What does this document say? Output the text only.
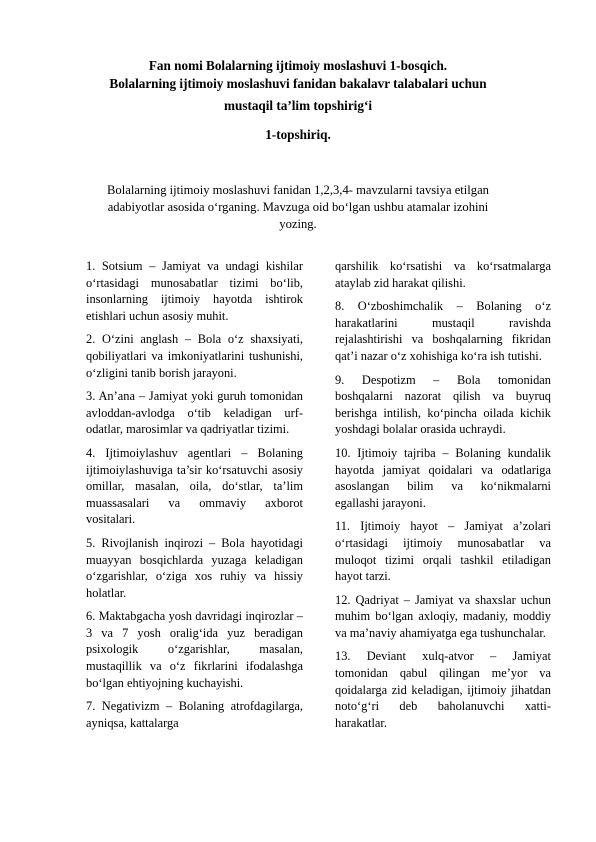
Fan nomi Bolalarning ijtimoiy moslashuvi 1-bosqich.
Bolalarning ijtimoiy moslashuvi fanidan bakalavr talabalari uchun
mustaqil ta’lim topshirig‘i
1-topshiriq.
Bolalarning ijtimoiy moslashuvi fanidan 1,2,3,4- mavzularni tavsiya etilgan adabiyotlar asosida o‘rganing. Mavzuga oid bo‘lgan ushbu atamalar izohini yozing.

1. Sotsium – Jamiyat va undagi kishilar o‘rtasidagi munosabatlar tizimi bo‘lib, insonlarning ijtimoiy hayotda ishtirok etishlari uchun asosiy muhit.

2. O‘zini anglash – Bola o‘z shaxsiyati, qobiliyatlari va imkoniyatlarini tushunishi, o‘zligini tanib borish jarayoni.

3. An’ana – Jamiyat yoki guruh tomonidan avloddan-avlodga o‘tib keladigan urf-odatlar, marosimlar va qadriyatlar tizimi.

4. Ijtimoiylashuv agentlari – Bolaning ijtimoiylashuviga ta’sir ko‘rsatuvchi asosiy omillar, masalan, oila, do‘stlar, ta’lim muassasalari va ommaviy axborot vositalari.

5. Rivojlanish inqirozi – Bola hayotidagi muayyan bosqichlarda yuzaga keladigan o‘zgarishlar, o‘ziga xos ruhiy va hissiy holatlar.

6. Maktabgacha yosh davridagi inqirozlar – 3 va 7 yosh oralig‘ida yuz beradigan psixologik o‘zgarishlar, masalan, mustaqillik va o‘z fikrlarini ifodalashga bo‘lgan ehtiyojning kuchayishi.

7. Negativizm – Bolaning atrofdagilarga, ayniqsa, kattalarga

qarshilik ko‘rsatishi va ko‘rsatmalarga ataylab zid harakat qilishi.

8. O‘zboshimchalik – Bolaning o‘z harakatlarini mustaqil ravishda rejalashtirishi va boshqalarning fikridan qat’i nazar o‘z xohishiga ko‘ra ish tutishi.

9. Despotizm – Bola tomonidan boshqalarni nazorat qilish va buyruq berishga intilish, ko‘pincha oilada kichik yoshdagi bolalar orasida uchraydi.

10. Ijtimoiy tajriba – Bolaning kundalik hayotda jamiyat qoidalari va odatlariga asoslangan bilim va ko‘nikmalarni egallashi jarayoni.

11. Ijtimoiy hayot – Jamiyat a’zolari o‘rtasidagi ijtimoiy munosabatlar va muloqot tizimi orqali tashkil etiladigan hayot tarzi.

12. Qadriyat – Jamiyat va shaxslar uchun muhim bo‘lgan axloqiy, madaniy, moddiy va ma’naviy ahamiyatga ega tushunchalar.

13. Deviant xulq-atvor – Jamiyat tomonidan qabul qilingan me’yor va qoidalarga zid keladigan, ijtimoiy jihatdan noto‘g‘ri deb baholanuvchi xatti-harakatlar.
